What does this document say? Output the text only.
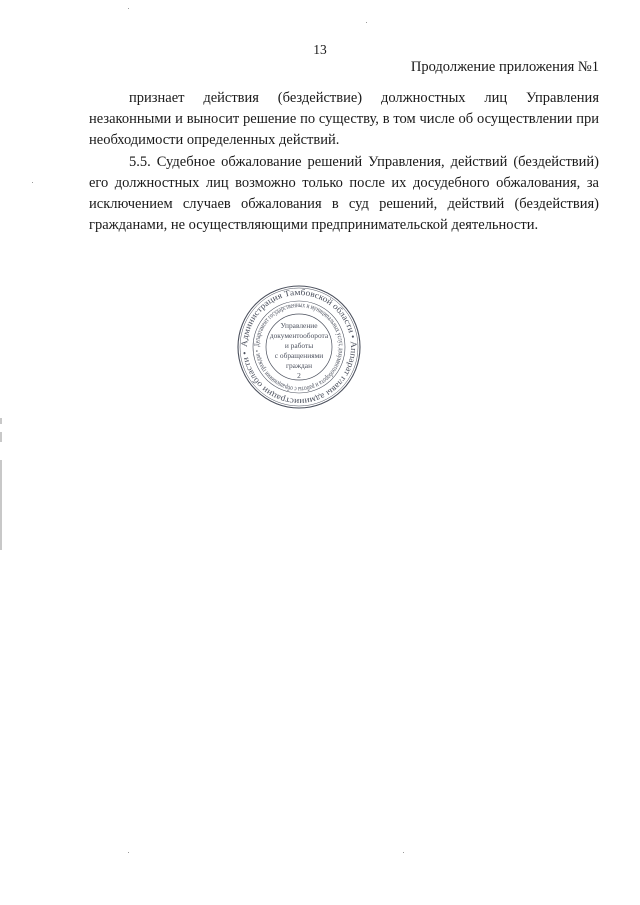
13
Продолжение приложения №1

признает действия (бездействие) должностных лиц Управления незаконными и выносит решение по существу, в том числе об осуществлении при необходимости определенных действий.

5.5. Судебное обжалование решений Управления, действий (бездействий) его должностных лиц возможно только после их досудебного обжалования, за исключением случаев обжалования в суд решений, действий (бездействия) гражданами, не осуществляющими предпринимательской деятельности.

Администрация Тамбовской области • Аппарат главы администрации области •
Департамент государственных и муниципальных услуг, документооборота и работы с обращениями граждан •
Управление
документооборота
и работы
с обращениями
граждан
2
